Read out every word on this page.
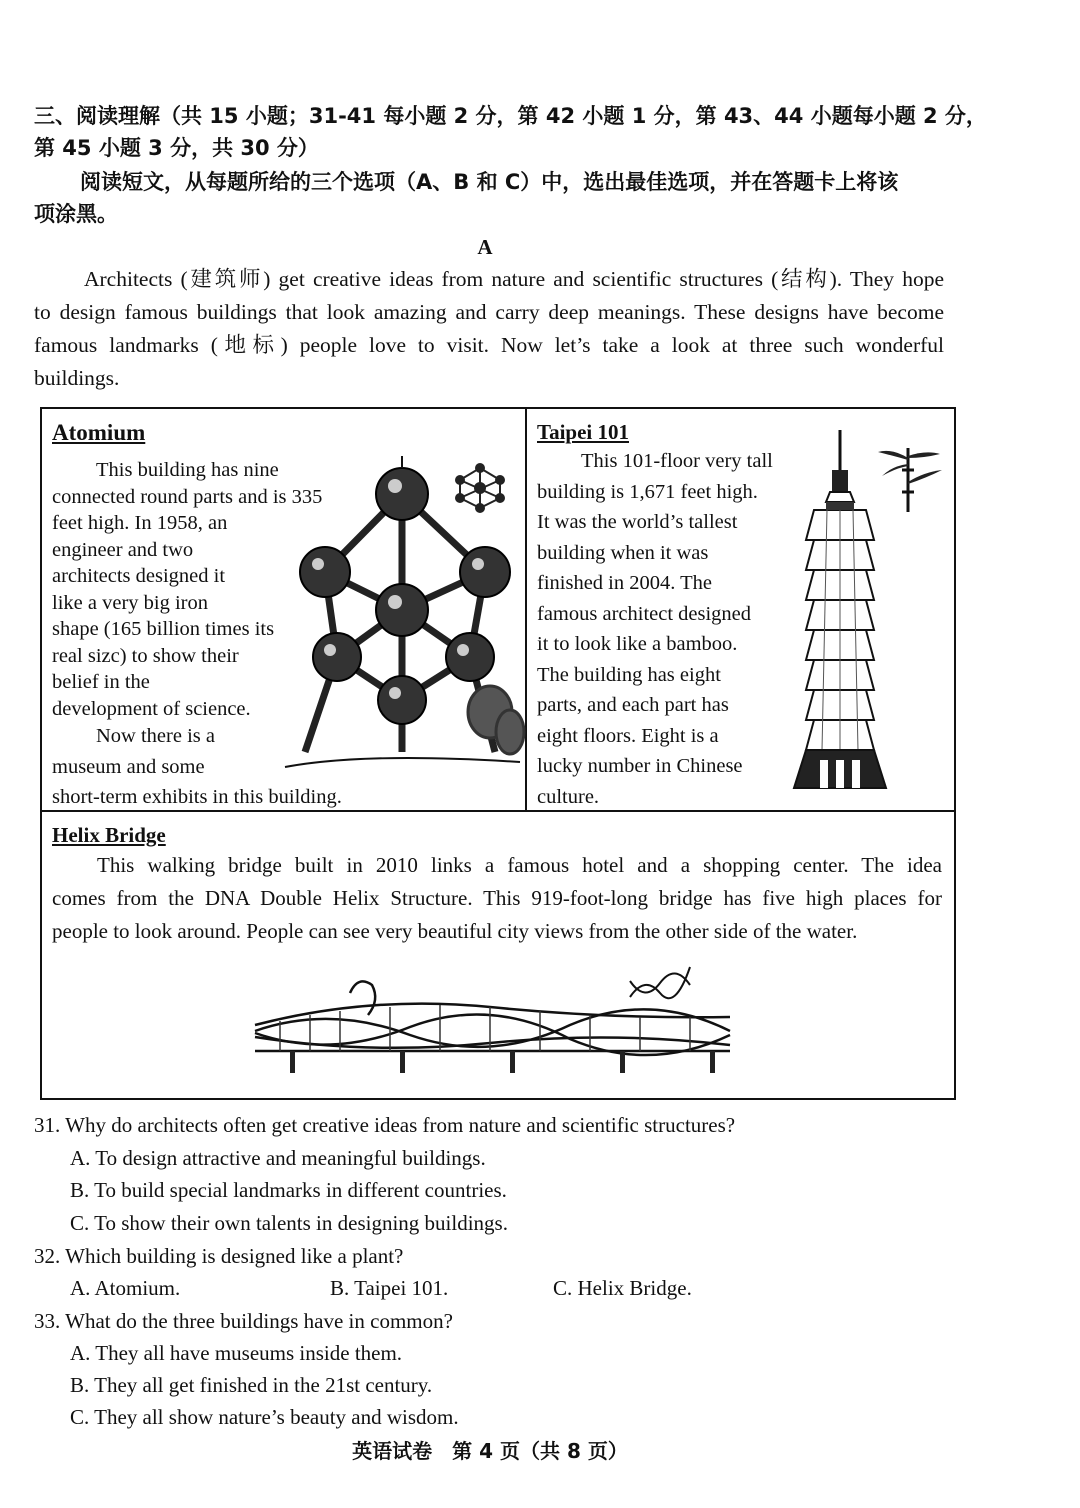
三、阅读理解（共 15 小题；31-41 每小题 2 分，第 42 小题 1 分，第 43、44 小题每小题 2 分，
第 45 小题 3 分，共 30 分）
阅读短文，从每题所给的三个选项（A、B 和 C）中，选出最佳选项，并在答题卡上将该
项涂黑。
A
Architects (建筑师) get creative ideas from nature and scientific structures (结构). They hope
to design famous buildings that look amazing and carry deep meanings. These designs have become
famous landmarks (地标) people love to visit. Now let’s take a look at three such wonderful
buildings.
Atomium
This building has nine
connected round parts and is 335
feet high. In 1958, an
engineer and two
architects designed it
like a very big iron
shape (165 billion times its
real sizc) to show their
belief in the
development of science.
Now there is a
museum and some
short-term exhibits in this building.
Taipei 101
This 101-floor very tall
building is 1,671 feet high.
It was the world’s tallest
building when it was
finished in 2004. The
famous architect designed
it to look like a bamboo.
The building has eight
parts, and each part has
eight floors. Eight is a
lucky number in Chinese
culture.
Helix Bridge
This walking bridge built in 2010 links a famous hotel and a shopping center. The idea
comes from the DNA Double Helix Structure. This 919-foot-long bridge has five high places for
people to look around. People can see very beautiful city views from the other side of the water.
31. Why do architects often get creative ideas from nature and scientific structures?
A. To design attractive and meaningful buildings.
B. To build special landmarks in different countries.
C. To show their own talents in designing buildings.
32. Which building is designed like a plant?
A. Atomium.	B. Taipei 101.	C. Helix Bridge.
33. What do the three buildings have in common?
A. They all have museums inside them.
B. They all get finished in the 21st century.
C. They all show nature’s beauty and wisdom.
英语试卷　第 4 页（共 8 页）
